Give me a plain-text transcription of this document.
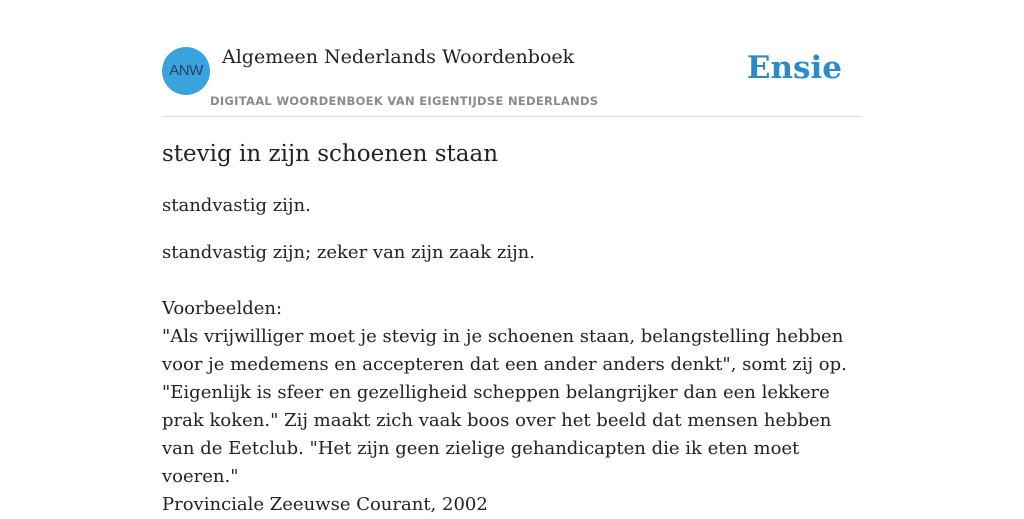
ANW
Algemeen Nederlands Woordenboek
DIGITAAL WOORDENBOEK VAN EIGENTIJDSE NEDERLANDS
Ensie
stevig in zijn schoenen staan
standvastig zijn.
standvastig zijn; zeker van zijn zaak zijn.
Voorbeelden:
"Als vrijwilliger moet je stevig in je schoenen staan, belangstelling hebben voor je medemens en accepteren dat een ander anders denkt", somt zij op. "Eigenlijk is sfeer en gezelligheid scheppen belangrijker dan een lekkere prak koken." Zij maakt zich vaak boos over het beeld dat mensen hebben van de Eetclub. "Het zijn geen zielige gehandicapten die ik eten moet voeren."
Provinciale Zeeuwse Courant, 2002
